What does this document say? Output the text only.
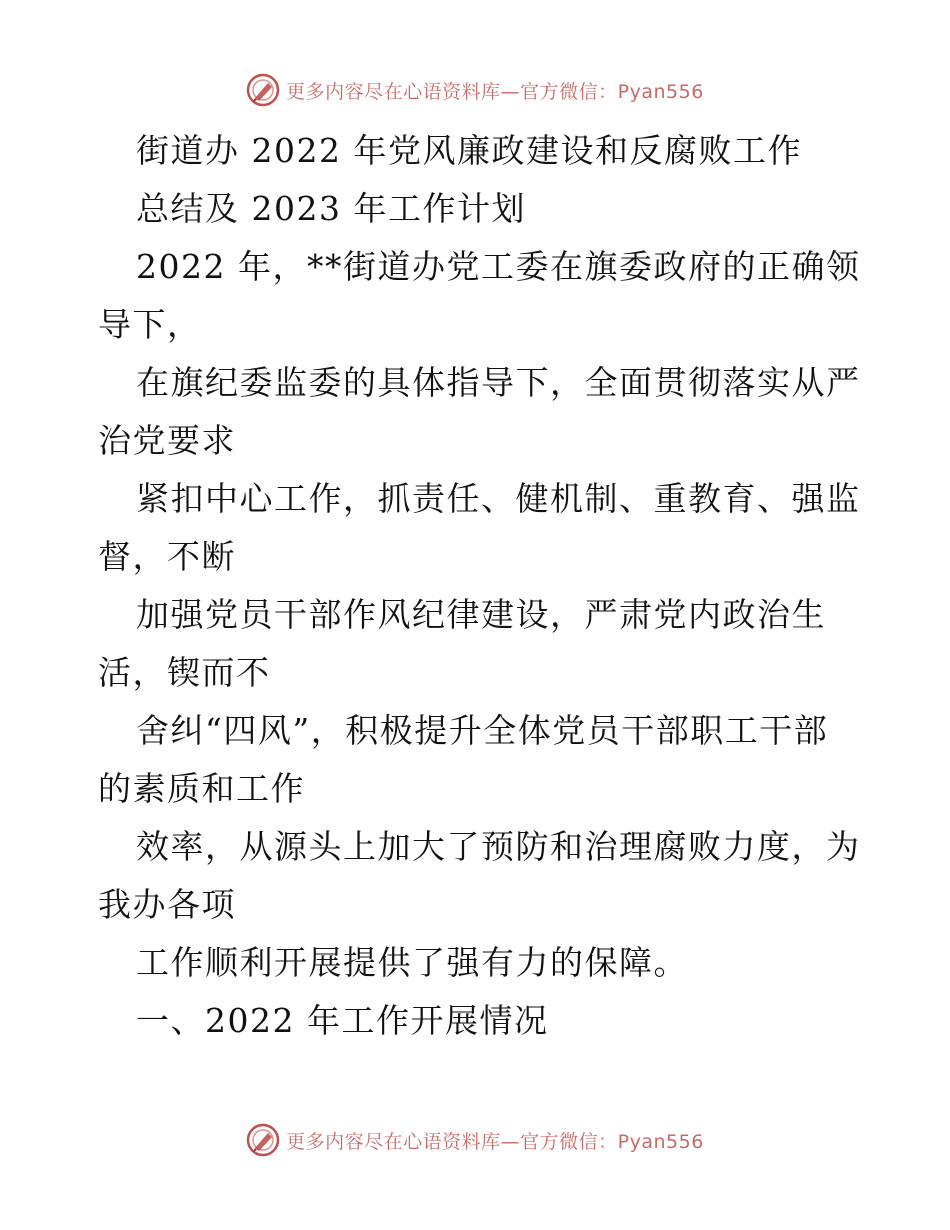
更多内容尽在心语资料库—官方微信：Pyan556

街道办 2022 年党风廉政建设和反腐败工作

总结及 2023 年工作计划

2022 年，**街道办党工委在旗委政府的正确领

导下，

在旗纪委监委的具体指导下，全面贯彻落实从严

治党要求

紧扣中心工作，抓责任、健机制、重教育、强监

督，不断

加强党员干部作风纪律建设，严肃党内政治生

活，锲而不

舍纠“四风”，积极提升全体党员干部职工干部

的素质和工作

效率，从源头上加大了预防和治理腐败力度，为

我办各项

工作顺利开展提供了强有力的保障。

一、2022 年工作开展情况

更多内容尽在心语资料库—官方微信：Pyan556
